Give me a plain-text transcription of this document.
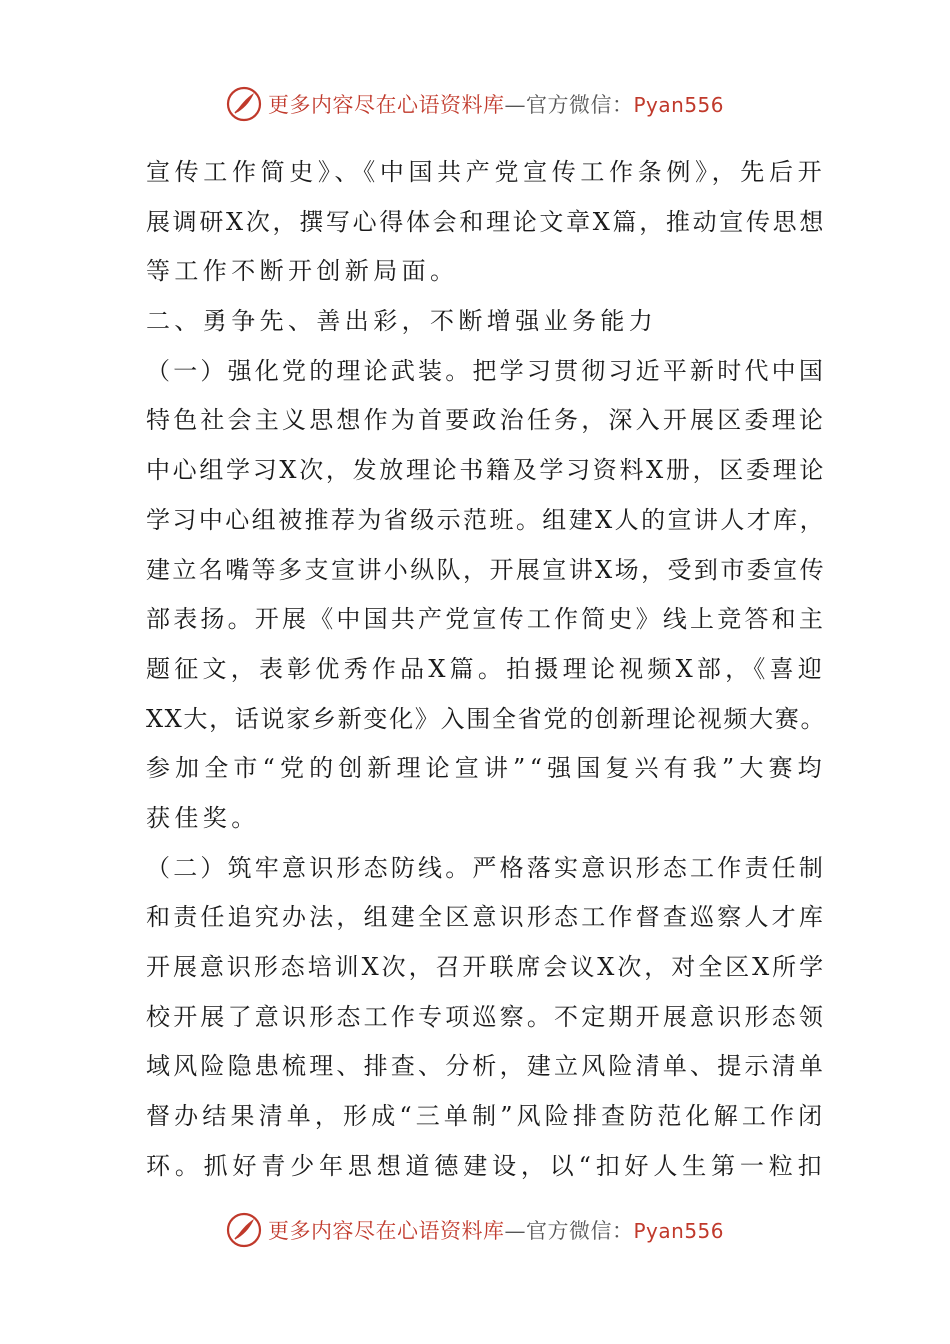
更多内容尽在心语资料库—官方微信：Pyan556
宣传工作简史》、《中国共产党宣传工作条例》，先后开
展调研X次，撰写心得体会和理论文章X篇，推动宣传思想
等工作不断开创新局面。
二、勇争先、善出彩，不断增强业务能力
（一）强化党的理论武装。把学习贯彻习近平新时代中国
特色社会主义思想作为首要政治任务，深入开展区委理论
中心组学习X次，发放理论书籍及学习资料X册，区委理论
学习中心组被推荐为省级示范班。组建X人的宣讲人才库，
建立名嘴等多支宣讲小纵队，开展宣讲X场，受到市委宣传
部表扬。开展《中国共产党宣传工作简史》线上竞答和主
题征文，表彰优秀作品X篇。拍摄理论视频X部，《喜迎
XX大，话说家乡新变化》入围全省党的创新理论视频大赛。
参加全市“党的创新理论宣讲”“强国复兴有我”大赛均
获佳奖。
（二）筑牢意识形态防线。严格落实意识形态工作责任制
和责任追究办法，组建全区意识形态工作督查巡察人才库
开展意识形态培训X次，召开联席会议X次，对全区X所学
校开展了意识形态工作专项巡察。不定期开展意识形态领
域风险隐患梳理、排查、分析，建立风险清单、提示清单
督办结果清单，形成“三单制”风险排查防范化解工作闭
环。抓好青少年思想道德建设，以“扣好人生第一粒扣
更多内容尽在心语资料库—官方微信：Pyan556
